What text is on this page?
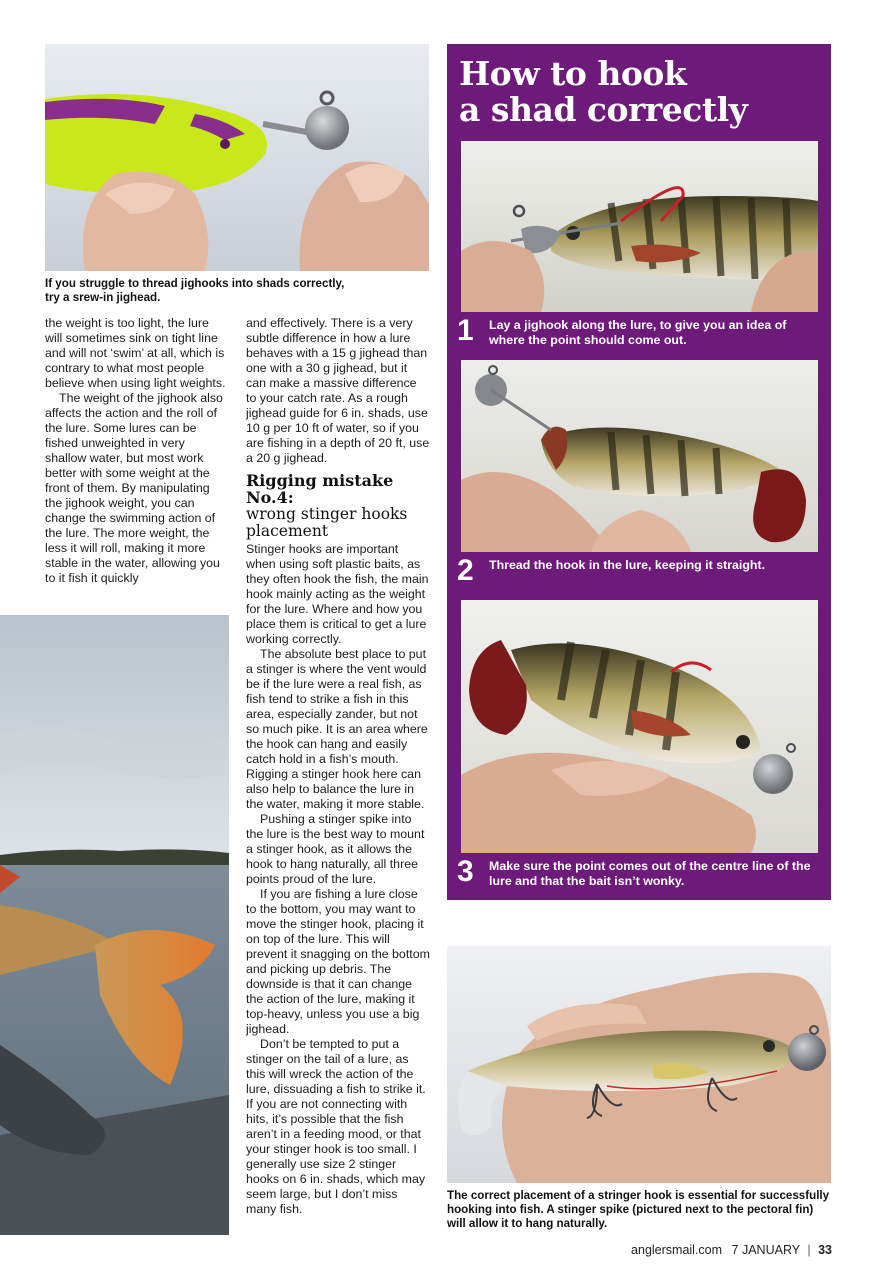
If you struggle to thread jighooks into shads correctly, try a srew-in jighead.

the weight is too light, the lure will sometimes sink on tight line and will not ‘swim’ at all, which is contrary to what most people believe when using light weights.

The weight of the jighook also affects the action and the roll of the lure. Some lures can be fished unweighted in very shallow water, but most work better with some weight at the front of them. By manipulating the jighook weight, you can change the swimming action of the lure. The more weight, the less it will roll, making it more stable in the water, allowing you to it fish it quickly

and effectively. There is a very subtle difference in how a lure behaves with a 15 g jighead than one with a 30 g jighead, but it can make a massive difference to your catch rate. As a rough jighead guide for 6 in. shads, use 10 g per 10 ft of water, so if you are fishing in a depth of 20 ft, use a 20 g jighead.

Rigging mistake No.4:
wrong stinger hooks placement

Stinger hooks are important when using soft plastic baits, as they often hook the fish, the main hook mainly acting as the weight for the lure. Where and how you place them is critical to get a lure working correctly.

The absolute best place to put a stinger is where the vent would be if the lure were a real fish, as fish tend to strike a fish in this area, especially zander, but not so much pike. It is an area where the hook can hang and easily catch hold in a fish’s mouth. Rigging a stinger hook here can also help to balance the lure in the water, making it more stable.

Pushing a stinger spike into the lure is the best way to mount a stinger hook, as it allows the hook to hang naturally, all three points proud of the lure.

If you are fishing a lure close to the bottom, you may want to move the stinger hook, placing it on top of the lure. This will prevent it snagging on the bottom and picking up debris. The downside is that it can change the action of the lure, making it top-heavy, unless you use a big jighead.

Don’t be tempted to put a stinger on the tail of a lure, as this will wreck the action of the lure, dissuading a fish to strike it. If you are not connecting with hits, it’s possible that the fish aren’t in a feeding mood, or that your stinger hook is too small. I generally use size 2 stinger hooks on 6 in. shads, which may seem large, but I don’t miss many fish.

How to hook
a shad correctly
1 Lay a jighook along the lure, to give you an idea of where the point should come out.
2 Thread the hook in the lure, keeping it straight.
3 Make sure the point comes out of the centre line of the lure and that the bait isn’t wonky.
The correct placement of a stringer hook is essential for successfully hooking into fish. A stinger spike (pictured next to the pectoral fin) will allow it to hang naturally.
anglersmail.com 7 JANUARY | 33
